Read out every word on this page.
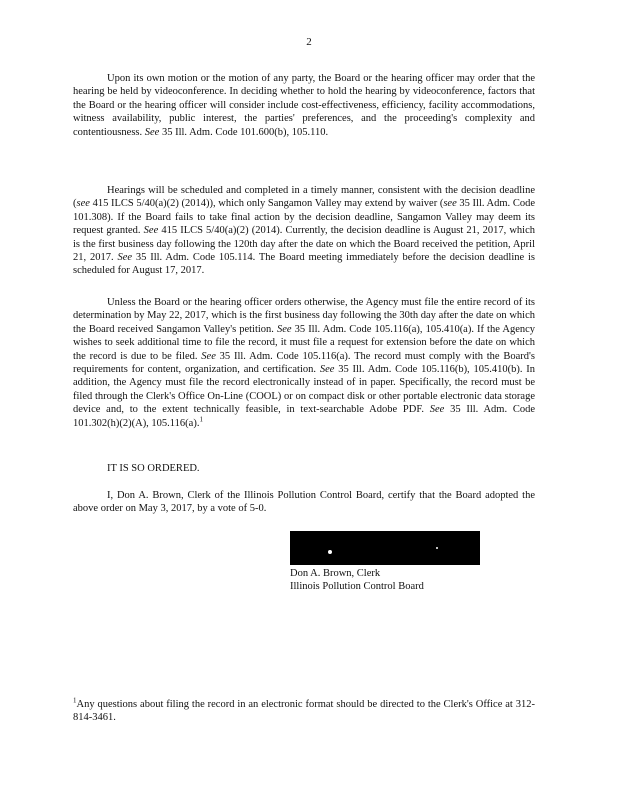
2

Upon its own motion or the motion of any party, the Board or the hearing officer may order that the hearing be held by videoconference. In deciding whether to hold the hearing by videoconference, factors that the Board or the hearing officer will consider include cost-effectiveness, efficiency, facility accommodations, witness availability, public interest, the parties' preferences, and the proceeding's complexity and contentiousness. See 35 Ill. Adm. Code 101.600(b), 105.110.

Hearings will be scheduled and completed in a timely manner, consistent with the decision deadline (see 415 ILCS 5/40(a)(2) (2014)), which only Sangamon Valley may extend by waiver (see 35 Ill. Adm. Code 101.308). If the Board fails to take final action by the decision deadline, Sangamon Valley may deem its request granted. See 415 ILCS 5/40(a)(2) (2014). Currently, the decision deadline is August 21, 2017, which is the first business day following the 120th day after the date on which the Board received the petition, April 21, 2017. See 35 Ill. Adm. Code 105.114. The Board meeting immediately before the decision deadline is scheduled for August 17, 2017.

Unless the Board or the hearing officer orders otherwise, the Agency must file the entire record of its determination by May 22, 2017, which is the first business day following the 30th day after the date on which the Board received Sangamon Valley's petition. See 35 Ill. Adm. Code 105.116(a), 105.410(a). If the Agency wishes to seek additional time to file the record, it must file a request for extension before the date on which the record is due to be filed. See 35 Ill. Adm. Code 105.116(a). The record must comply with the Board's requirements for content, organization, and certification. See 35 Ill. Adm. Code 105.116(b), 105.410(b). In addition, the Agency must file the record electronically instead of in paper. Specifically, the record must be filed through the Clerk's Office On-Line (COOL) or on compact disk or other portable electronic data storage device and, to the extent technically feasible, in text-searchable Adobe PDF. See 35 Ill. Adm. Code 101.302(h)(2)(A), 105.116(a).$^1$

IT IS SO ORDERED.

I, Don A. Brown, Clerk of the Illinois Pollution Control Board, certify that the Board adopted the above order on May 3, 2017, by a vote of 5-0.

Don A. Brown, Clerk
Illinois Pollution Control Board

$^1$Any questions about filing the record in an electronic format should be directed to the Clerk's Office at 312-814-3461.
